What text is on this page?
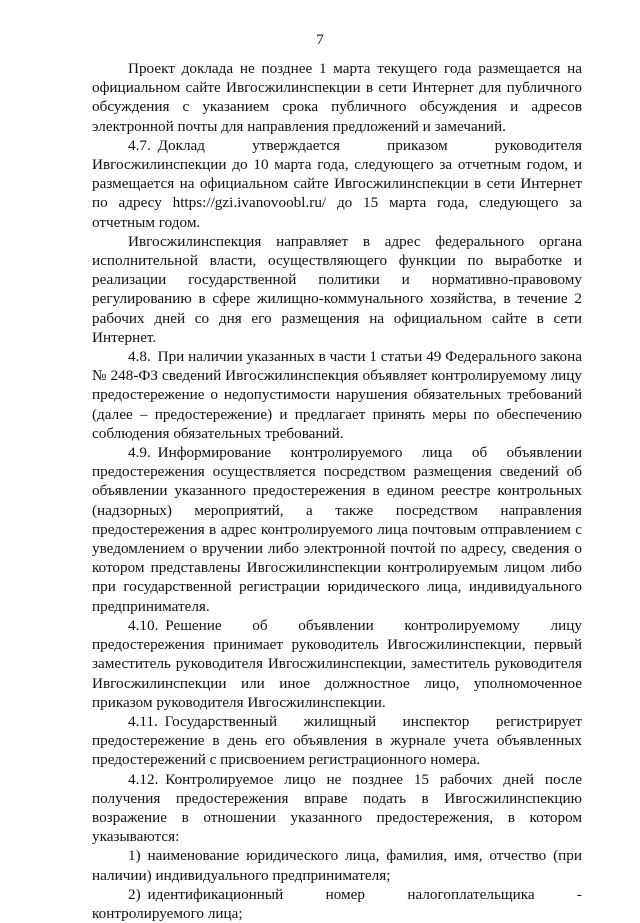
7

Проект доклада не позднее 1 марта текущего года размещается на официальном сайте Ивгосжилинспекции в сети Интернет для публичного обсуждения с указанием срока публичного обсуждения и адресов электронной почты для направления предложений и замечаний.

4.7. Доклад утверждается приказом руководителя Ивгосжилинспекции до 10 марта года, следующего за отчетным годом, и размещается на официальном сайте Ивгосжилинспекции в сети Интернет по адресу https://gzi.ivanovoobl.ru/ до 15 марта года, следующего за отчетным годом.

Ивгосжилинспекция направляет в адрес федерального органа исполнительной власти, осуществляющего функции по выработке и реализации государственной политики и нормативно-правовому регулированию в сфере жилищно-коммунального хозяйства, в течение 2 рабочих дней со дня его размещения на официальном сайте в сети Интернет.

4.8. При наличии указанных в части 1 статьи 49 Федерального закона № 248-ФЗ сведений Ивгосжилинспекция объявляет контролируемому лицу предостережение о недопустимости нарушения обязательных требований (далее – предостережение) и предлагает принять меры по обеспечению соблюдения обязательных требований.

4.9. Информирование контролируемого лица об объявлении предостережения осуществляется посредством размещения сведений об объявлении указанного предостережения в едином реестре контрольных (надзорных) мероприятий, а также посредством направления предостережения в адрес контролируемого лица почтовым отправлением с уведомлением о вручении либо электронной почтой по адресу, сведения о котором представлены Ивгосжилинспекции контролируемым лицом либо при государственной регистрации юридического лица, индивидуального предпринимателя.

4.10. Решение об объявлении контролируемому лицу предостережения принимает руководитель Ивгосжилинспекции, первый заместитель руководителя Ивгосжилинспекции, заместитель руководителя Ивгосжилинспекции или иное должностное лицо, уполномоченное приказом руководителя Ивгосжилинспекции.

4.11. Государственный жилищный инспектор регистрирует предостережение в день его объявления в журнале учета объявленных предостережений с присвоением регистрационного номера.

4.12. Контролируемое лицо не позднее 15 рабочих дней после получения предостережения вправе подать в Ивгосжилинспекцию возражение в отношении указанного предостережения, в котором указываются:

1) наименование юридического лица, фамилия, имя, отчество (при наличии) индивидуального предпринимателя;

2) идентификационный номер налогоплательщика - контролируемого лица;
